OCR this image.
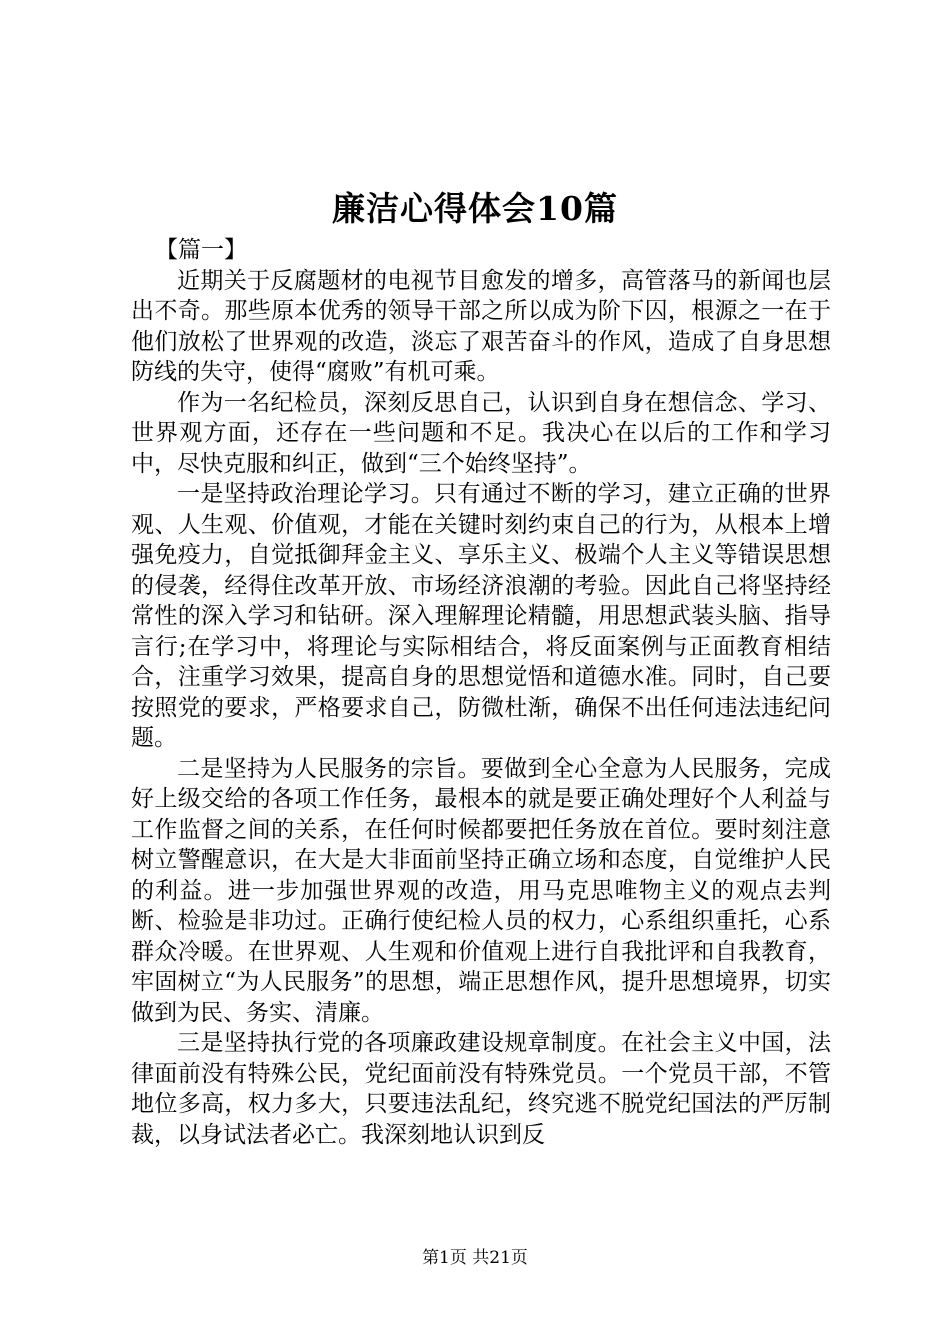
廉洁心得体会10篇

【篇一】

近期关于反腐题材的电视节目愈发的增多，高管落马的新闻也层出不奇。那些原本优秀的领导干部之所以成为阶下囚，根源之一在于他们放松了世界观的改造，淡忘了艰苦奋斗的作风，造成了自身思想防线的失守，使得“腐败”有机可乘。

作为一名纪检员，深刻反思自己，认识到自身在想信念、学习、世界观方面，还存在一些问题和不足。我决心在以后的工作和学习中，尽快克服和纠正，做到“三个始终坚持”。

一是坚持政治理论学习。只有通过不断的学习，建立正确的世界观、人生观、价值观，才能在关键时刻约束自己的行为，从根本上增强免疫力，自觉抵御拜金主义、享乐主义、极端个人主义等错误思想的侵袭，经得住改革开放、市场经济浪潮的考验。因此自己将坚持经常性的深入学习和钻研。深入理解理论精髓，用思想武装头脑、指导言行;在学习中，将理论与实际相结合，将反面案例与正面教育相结合，注重学习效果，提高自身的思想觉悟和道德水准。同时，自己要按照党的要求，严格要求自己，防微杜渐，确保不出任何违法违纪问题。

二是坚持为人民服务的宗旨。要做到全心全意为人民服务，完成好上级交给的各项工作任务，最根本的就是要正确处理好个人利益与工作监督之间的关系，在任何时候都要把任务放在首位。要时刻注意树立警醒意识，在大是大非面前坚持正确立场和态度，自觉维护人民的利益。进一步加强世界观的改造，用马克思唯物主义的观点去判断、检验是非功过。正确行使纪检人员的权力，心系组织重托，心系群众冷暖。在世界观、人生观和价值观上进行自我批评和自我教育，牢固树立“为人民服务”的思想，端正思想作风，提升思想境界，切实做到为民、务实、清廉。

三是坚持执行党的各项廉政建设规章制度。在社会主义中国，法律面前没有特殊公民，党纪面前没有特殊党员。一个党员干部，不管地位多高，权力多大，只要违法乱纪，终究逃不脱党纪国法的严厉制裁，以身试法者必亡。我深刻地认识到反

第1页 共21页
